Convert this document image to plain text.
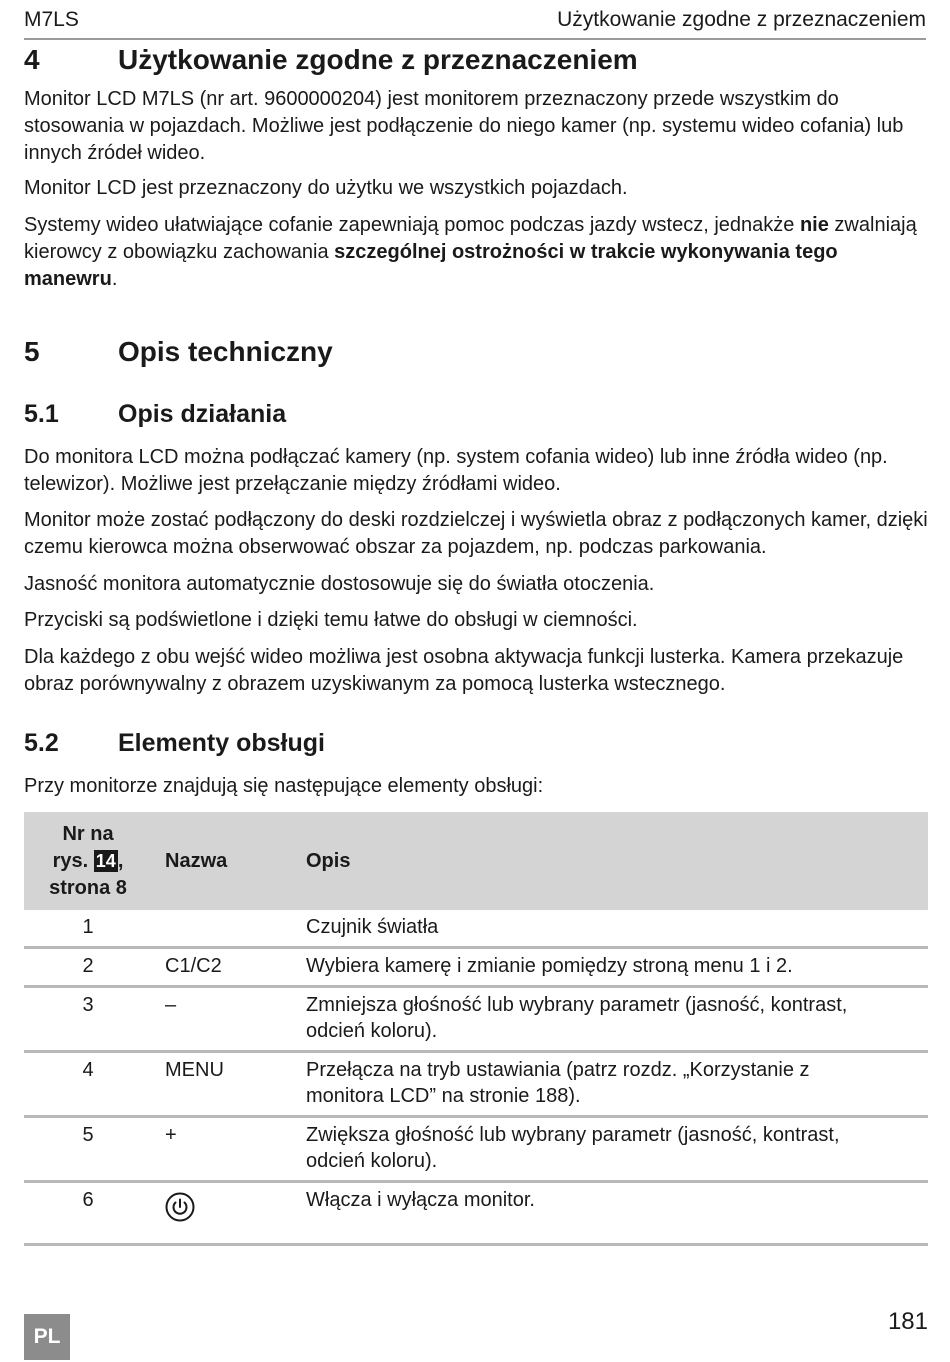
M7LS	Użytkowanie zgodne z przeznaczeniem
4	Użytkowanie zgodne z przeznaczeniem

Monitor LCD M7LS (nr art. 9600000204) jest monitorem przeznaczony przede wszystkim do stosowania w pojazdach. Możliwe jest podłączenie do niego kamer (np. systemu wideo cofania) lub innych źródeł wideo.

Monitor LCD jest przeznaczony do użytku we wszystkich pojazdach.

Systemy wideo ułatwiające cofanie zapewniają pomoc podczas jazdy wstecz, jednakże nie zwalniają kierowcy z obowiązku zachowania szczególnej ostrożności w trakcie wykonywania tego manewru.

5	Opis techniczny
5.1 Opis działania

Do monitora LCD można podłączać kamery (np. system cofania wideo) lub inne źródła wideo (np. telewizor). Możliwe jest przełączanie między źródłami wideo.

Monitor może zostać podłączony do deski rozdzielczej i wyświetla obraz z podłączonych kamer, dzięki czemu kierowca można obserwować obszar za pojazdem, np. podczas parkowania.

Jasność monitora automatycznie dostosowuje się do światła otoczenia.

Przyciski są podświetlone i dzięki temu łatwe do obsługi w ciemności.

Dla każdego z obu wejść wideo możliwa jest osobna aktywacja funkcji lusterka. Kamera przekazuje obraz porównywalny z obrazem uzyskiwanym za pomocą lusterka wstecznego.

5.2 Elementy obsługi

Przy monitorze znajdują się następujące elementy obsługi:

Nr na
rys. 14 ,
strona 8	Nazwa	Opis
1		Czujnik światła
2	C1/C2	Wybiera kamerę i zmianie pomiędzy stroną menu 1 i 2.
3	–	Zmniejsza głośność lub wybrany parametr (jasność, kontrast, odcień koloru).
4	MENU	Przełącza na tryb ustawiania (patrz rozdz. „Korzystanie z monitora LCD” na stronie 188).
5	+	Zwiększa głośność lub wybrany parametr (jasność, kontrast, odcień koloru).
6		Włącza i wyłącza monitor.
PL
181
